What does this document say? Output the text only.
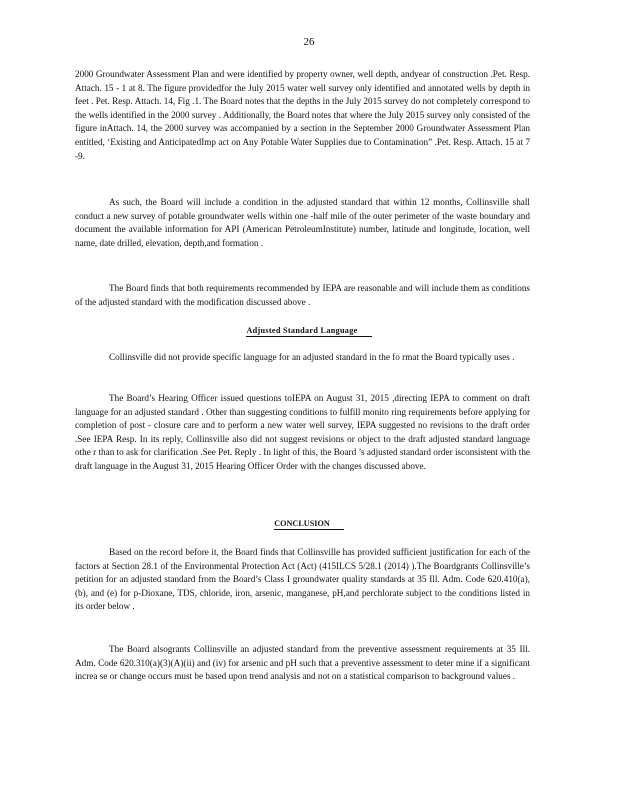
26

2000 Groundwater Assessment Plan and were identified by property owner, well depth, andyear of construction .Pet. Resp. Attach. 15 - 1 at 8. The figure providedfor the July 2015 water well survey only identified and annotated wells by depth in feet . Pet. Resp. Attach. 14, Fig .1. The Board notes that the depths in the July 2015 survey do not completely correspond to the wells identified in the 2000 survey . Additionally, the Board notes that where the July 2015 survey only consisted of the figure inAttach. 14, the 2000 survey was accompanied by a section in the September 2000 Groundwater Assessment Plan entitled, ‘Existing and AnticipatedImp act on Any Potable Water Supplies due to Contamination” .Pet. Resp. Attach. 15 at 7 -9.

As such, the Board will include a condition in the adjusted standard that within 12 months, Collinsville shall conduct a new survey of potable groundwater wells within one -half mile of the outer perimeter of the waste boundary and document the available information for API (American PetroleumInstitute) number, latitude and longitude, location, well name, date drilled, elevation, depth,and formation .

The Board finds that both requirements recommended by IEPA are reasonable and will include them as conditions of the adjusted standard with the modification discussed above .

Adjusted Standard Language

Collinsville did not provide specific language for an adjusted standard in the fo rmat the Board typically uses .

The Board’s Hearing Officer issued questions toIEPA on August 31, 2015 ,directing IEPA to comment on draft language for an adjusted standard . Other than suggesting conditions to fulfill monito ring requirements before applying for completion of post - closure care and to perform a new water well survey, IEPA suggested no revisions to the draft order .See IEPA Resp. In its reply, Collinsville also did not suggest revisions or object to the draft adjusted standard language othe r than to ask for clarification .See Pet. Reply . In light of this, the Board ’s adjusted standard order isconsistent with the draft language in the August 31, 2015 Hearing Officer Order with the changes discussed above.

CONCLUSION

Based on the record before it, the Board finds that Collinsville has provided sufficient justification for each of the factors at Section 28.1 of the Environmental Protection Act (Act) (415ILCS 5/28.1 (2014) ).The Boardgrants Collinsville’s petition for an adjusted standard from the Board’s Class I groundwater quality standards at 35 Ill. Adm. Code 620.410(a), (b), and (e) for p-Dioxane, TDS, chloride, iron, arsenic, manganese, pH,and perchlorate subject to the conditions listed in its order below .

The Board alsogrants Collinsville an adjusted standard from the preventive assessment requirements at 35 Ill. Adm. Code 620.310(a)(3)(A)(ii) and (iv) for arsenic and pH such that a preventive assessment to deter mine if a significant increa se or change occurs must be based upon trend analysis and not on a statistical comparison to background values .
